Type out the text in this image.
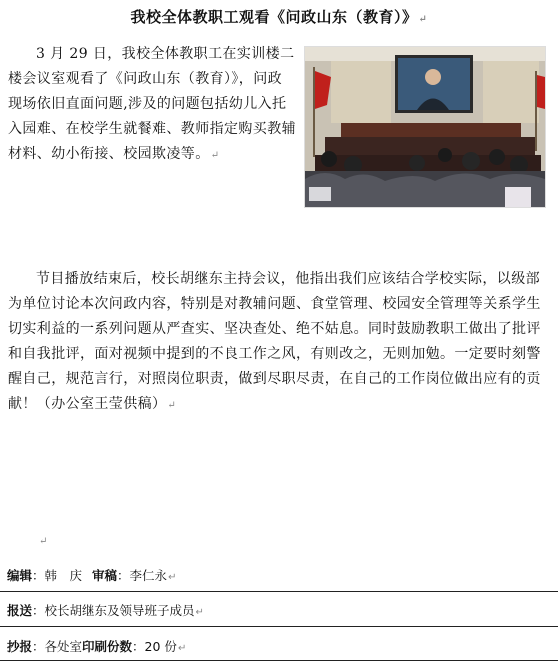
我校全体教职工观看《问政山东（教育）》↵
3 月 29 日，我校全体教职工在实训楼二楼会议室观看了《问政山东（教育）》，问政现场依旧直面问题,涉及的问题包括幼儿入托入园难、在校学生就餐难、教师指定购买教辅材料、幼小衔接、校园欺凌等。↵
节目播放结束后，校长胡继东主持会议，他指出我们应该结合学校实际，以级部为单位讨论本次问政内容，特别是对教辅问题、食堂管理、校园安全管理等关系学生切实利益的一系列问题从严查实、坚决查处、绝不姑息。同时鼓励教职工做出了批评和自我批评，面对视频中提到的不良工作之风，有则改之，无则加勉。一定要时刻警醒自己，规范言行，对照岗位职责，做到尽职尽责，在自己的工作岗位做出应有的贡献！（办公室王莹供稿）↵
↵
编辑：韩　庆 审稿：李仁永↵
报送：校长胡继东及领导班子成员↵
抄报：各处室印刷份数：20 份↵
